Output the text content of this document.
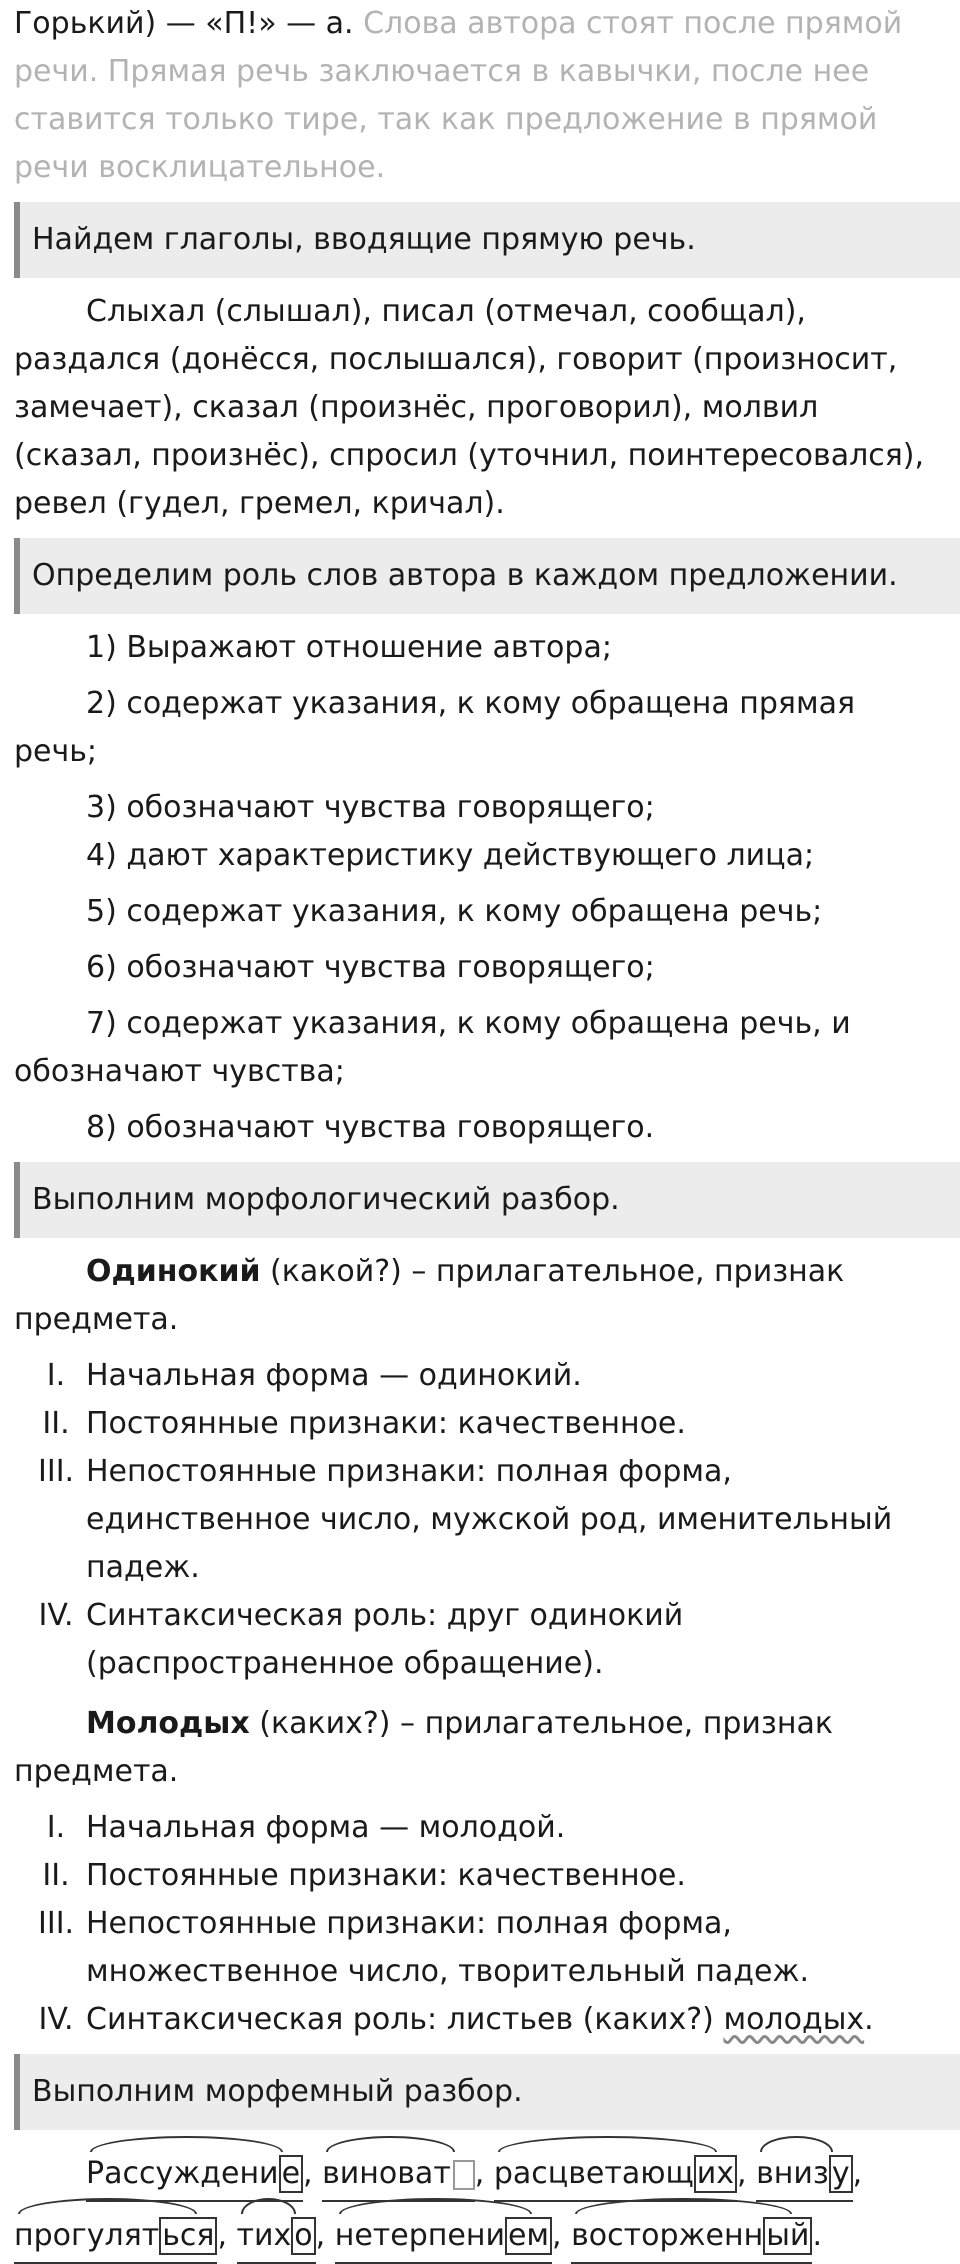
Горький) — «П!» — а. Слова автора стоят после прямой речи. Прямая речь заключается в кавычки, после нее ставится только тире, так как предложение в прямой речи восклицательное.

Найдем глаголы, вводящие прямую речь.

Слыхал (слышал), писал (отмечал, сообщал), раздался (донёсся, послышался), говорит (произносит, замечает), сказал (произнёс, проговорил), молвил (сказал, произнёс), спросил (уточнил, поинтересовался), ревел (гудел, гремел, кричал).

Определим роль слов автора в каждом предложении.

1) Выражают отношение автора;

2) содержат указания, к кому обращена прямая речь;

3) обозначают чувства говорящего;

4) дают характеристику действующего лица;

5) содержат указания, к кому обращена речь;

6) обозначают чувства говорящего;

7) содержат указания, к кому обращена речь, и обозначают чувства;

8) обозначают чувства говорящего.

Выполним морфологический разбор.

Одинокий (какой?) – прилагательное, признак предмета.

I. Начальная форма — одинокий.
II. Постоянные признаки: качественное.
III. Непостоянные признаки: полная форма, единственное число, мужской род, именительный падеж.
IV. Синтаксическая роль: друг одинокий (распространенное обращение).

Молодых (каких?) – прилагательное, признак предмета.

I. Начальная форма — молодой.
II. Постоянные признаки: качественное.
III. Непостоянные признаки: полная форма, множественное число, творительный падеж.
IV. Синтаксическая роль: листьев (каких?) молодых.
Выполним морфемный разбор.

Рассуждени е ,
виноват ,
расцветающ их ,
вниз у ,
прогулят ься ,
тих о ,
нетерпени ем ,
восторженн ый .
